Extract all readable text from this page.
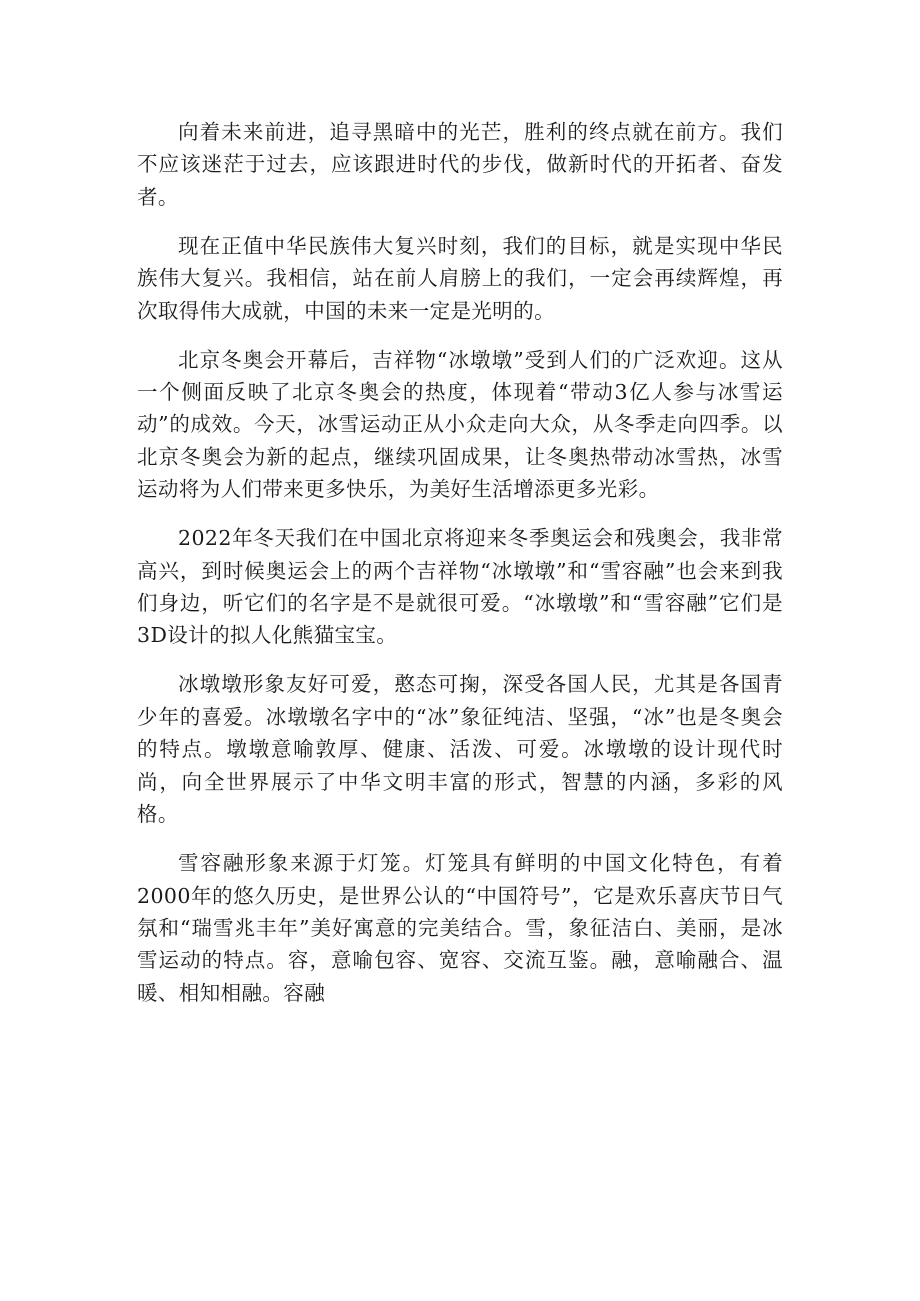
向着未来前进，追寻黑暗中的光芒，胜利的终点就在前方。我们不应该迷茫于过去，应该跟进时代的步伐，做新时代的开拓者、奋发者。

现在正值中华民族伟大复兴时刻，我们的目标，就是实现中华民族伟大复兴。我相信，站在前人肩膀上的我们，一定会再续辉煌，再次取得伟大成就，中国的未来一定是光明的。

北京冬奥会开幕后，吉祥物“冰墩墩”受到人们的广泛欢迎。这从一个侧面反映了北京冬奥会的热度，体现着“带动3亿人参与冰雪运动”的成效。今天，冰雪运动正从小众走向大众，从冬季走向四季。以北京冬奥会为新的起点，继续巩固成果，让冬奥热带动冰雪热，冰雪运动将为人们带来更多快乐，为美好生活增添更多光彩。

2022年冬天我们在中国北京将迎来冬季奥运会和残奥会，我非常高兴，到时候奥运会上的两个吉祥物“冰墩墩”和“雪容融”也会来到我们身边，听它们的名字是不是就很可爱。“冰墩墩”和“雪容融”它们是3D设计的拟人化熊猫宝宝。

冰墩墩形象友好可爱，憨态可掬，深受各国人民，尤其是各国青少年的喜爱。冰墩墩名字中的“冰”象征纯洁、坚强，“冰”也是冬奥会的特点。墩墩意喻敦厚、健康、活泼、可爱。冰墩墩的设计现代时尚，向全世界展示了中华文明丰富的形式，智慧的内涵，多彩的风格。

雪容融形象来源于灯笼。灯笼具有鲜明的中国文化特色，有着2000年的悠久历史，是世界公认的“中国符号”，它是欢乐喜庆节日气氛和“瑞雪兆丰年”美好寓意的完美结合。雪，象征洁白、美丽，是冰雪运动的特点。容，意喻包容、宽容、交流互鉴。融，意喻融合、温暖、相知相融。容融
